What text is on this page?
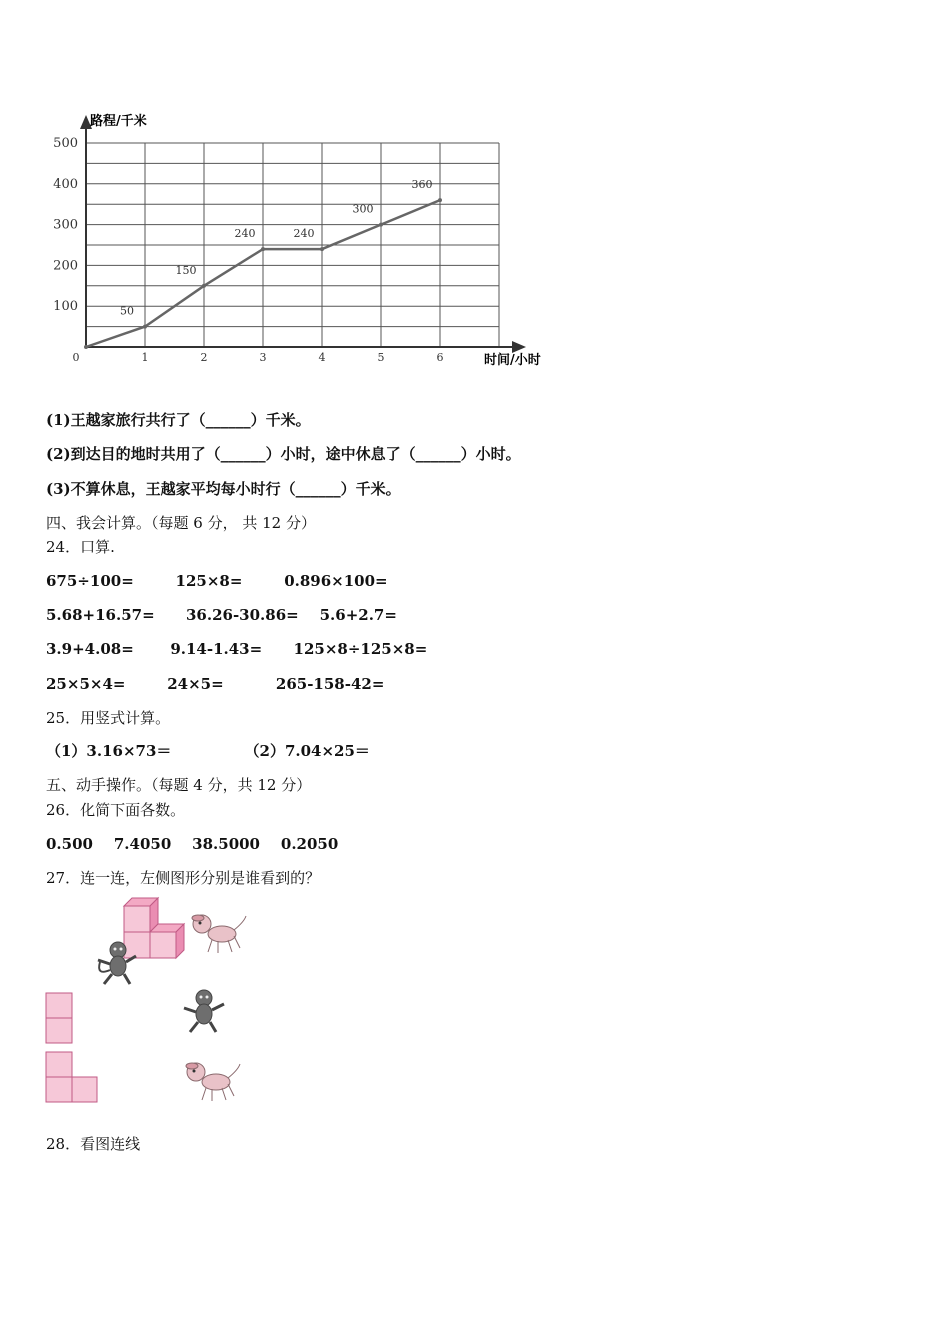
路程/千米
时间/小时
100
200
300
400
500
0	1	2	3	4	5	6
50
150
240	240
300
360
(1)王越家旅行共行了（______）千米。
(2)到达目的地时共用了（______）小时，途中休息了（______）小时。
(3)不算休息，王越家平均每小时行（______）千米。
四、我会计算。（每题 6 分， 共 12 分）
24．口算.
675÷100=        125×8=        0.896×100=
5.68+16.57=      36.26-30.86=    5.6+2.7=
3.9+4.08=       9.14-1.43=      125×8÷125×8=
25×5×4=        24×5=          265-158-42=
25．用竖式计算。
（1）3.16×73＝              （2）7.04×25＝
五、动手操作。（每题 4 分，共 12 分）
26．化简下面各数。
0.500    7.4050    38.5000    0.2050
27．连一连，左侧图形分别是谁看到的？
28．看图连线
